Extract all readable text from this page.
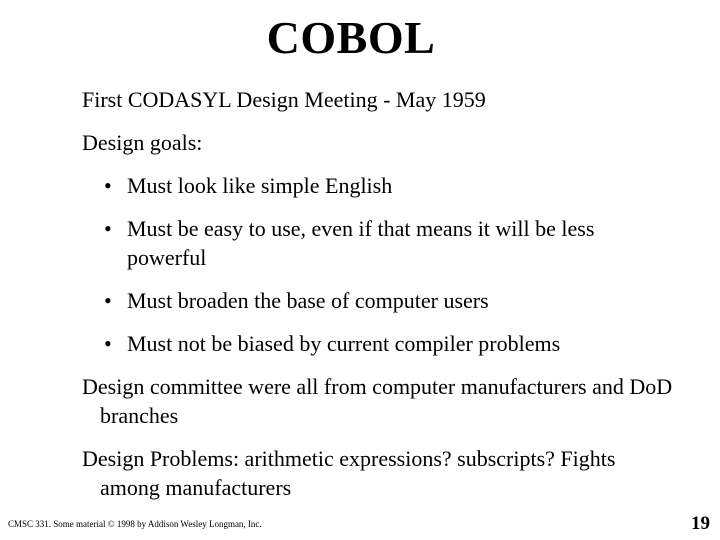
COBOL

First CODASYL Design Meeting - May 1959

Design goals:

• Must look like simple English
• Must be easy to use, even if that means it will be less powerful
• Must broaden the base of computer users
• Must not be biased by current compiler problems

Design committee were all from computer manufacturers and DoD branches

Design Problems: arithmetic expressions? subscripts? Fights among manufacturers

CMSC 331. Some material © 1998 by Addison Wesley Longman, Inc.	19
